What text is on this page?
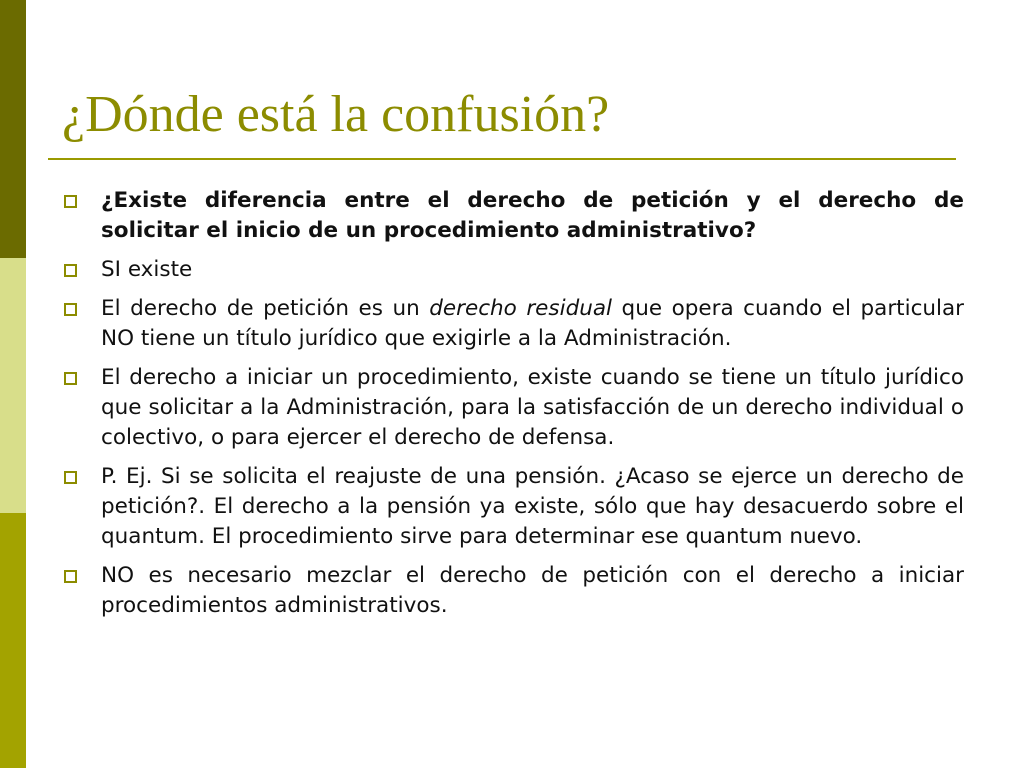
¿Dónde está la confusión?
¿Existe diferencia entre el derecho de petición y el derecho de solicitar el inicio de un procedimiento administrativo?
SI existe
El derecho de petición es un derecho residual que opera cuando el particular NO tiene un título jurídico que exigirle a la Administración.
El derecho a iniciar un procedimiento, existe cuando se tiene un título jurídico que solicitar a la Administración, para la satisfacción de un derecho individual o colectivo, o para ejercer el derecho de defensa.
P. Ej. Si se solicita el reajuste de una pensión. ¿Acaso se ejerce un derecho de petición?. El derecho a la pensión ya existe, sólo que hay desacuerdo sobre el quantum. El procedimiento sirve para determinar ese quantum nuevo.
NO es necesario mezclar el derecho de petición con el derecho a iniciar procedimientos administrativos.
